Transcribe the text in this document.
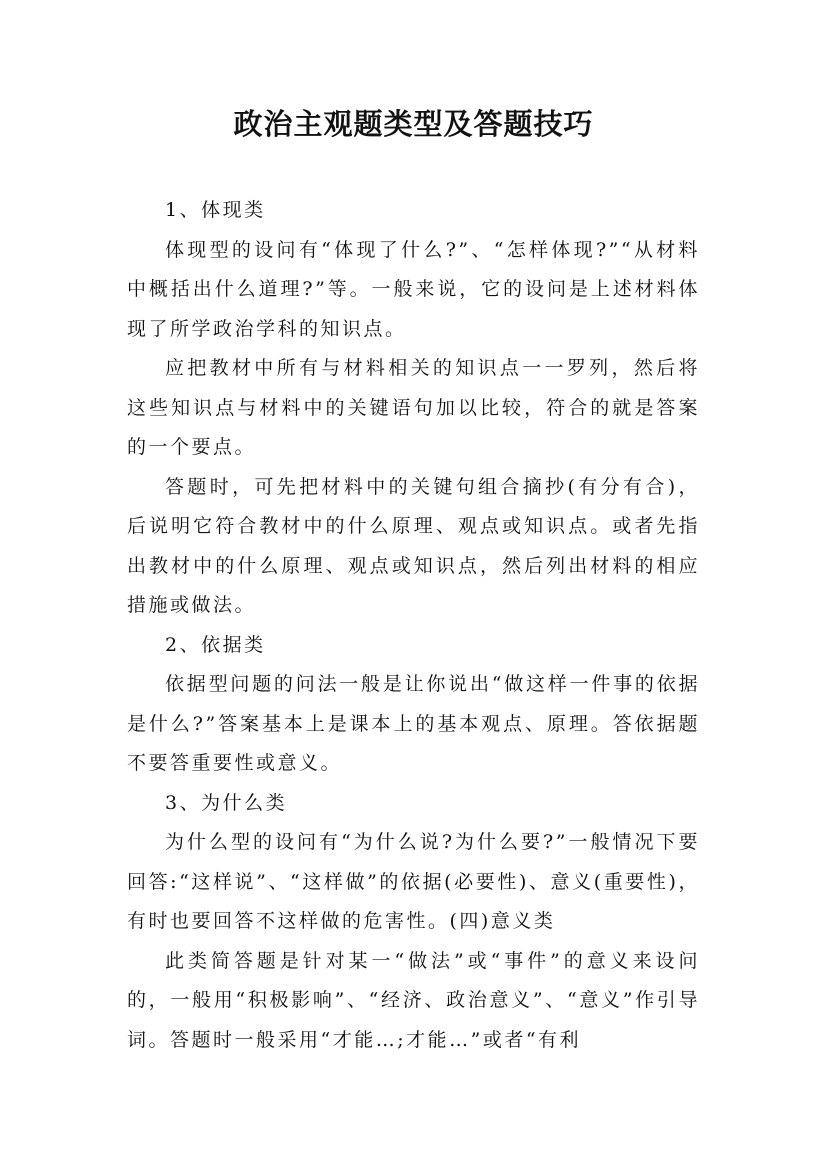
政治主观题类型及答题技巧

1、体现类

体现型的设问有“体现了什么?”、“怎样体现?”“从材料中概括出什么道理?”等。一般来说，它的设问是上述材料体现了所学政治学科的知识点。

应把教材中所有与材料相关的知识点一一罗列，然后将这些知识点与材料中的关键语句加以比较，符合的就是答案的一个要点。

答题时，可先把材料中的关键句组合摘抄(有分有合)，后说明它符合教材中的什么原理、观点或知识点。或者先指出教材中的什么原理、观点或知识点，然后列出材料的相应措施或做法。

2、依据类

依据型问题的问法一般是让你说出“做这样一件事的依据是什么?”答案基本上是课本上的基本观点、原理。答依据题不要答重要性或意义。

3、为什么类

为什么型的设问有“为什么说?为什么要?”一般情况下要回答:“这样说”、“这样做”的依据(必要性)、意义(重要性)，有时也要回答不这样做的危害性。(四)意义类

此类简答题是针对某一“做法”或“事件”的意义来设问的，一般用“积极影响”、“经济、政治意义”、“意义”作引导词。答题时一般采用“才能…;才能…”或者“有利
